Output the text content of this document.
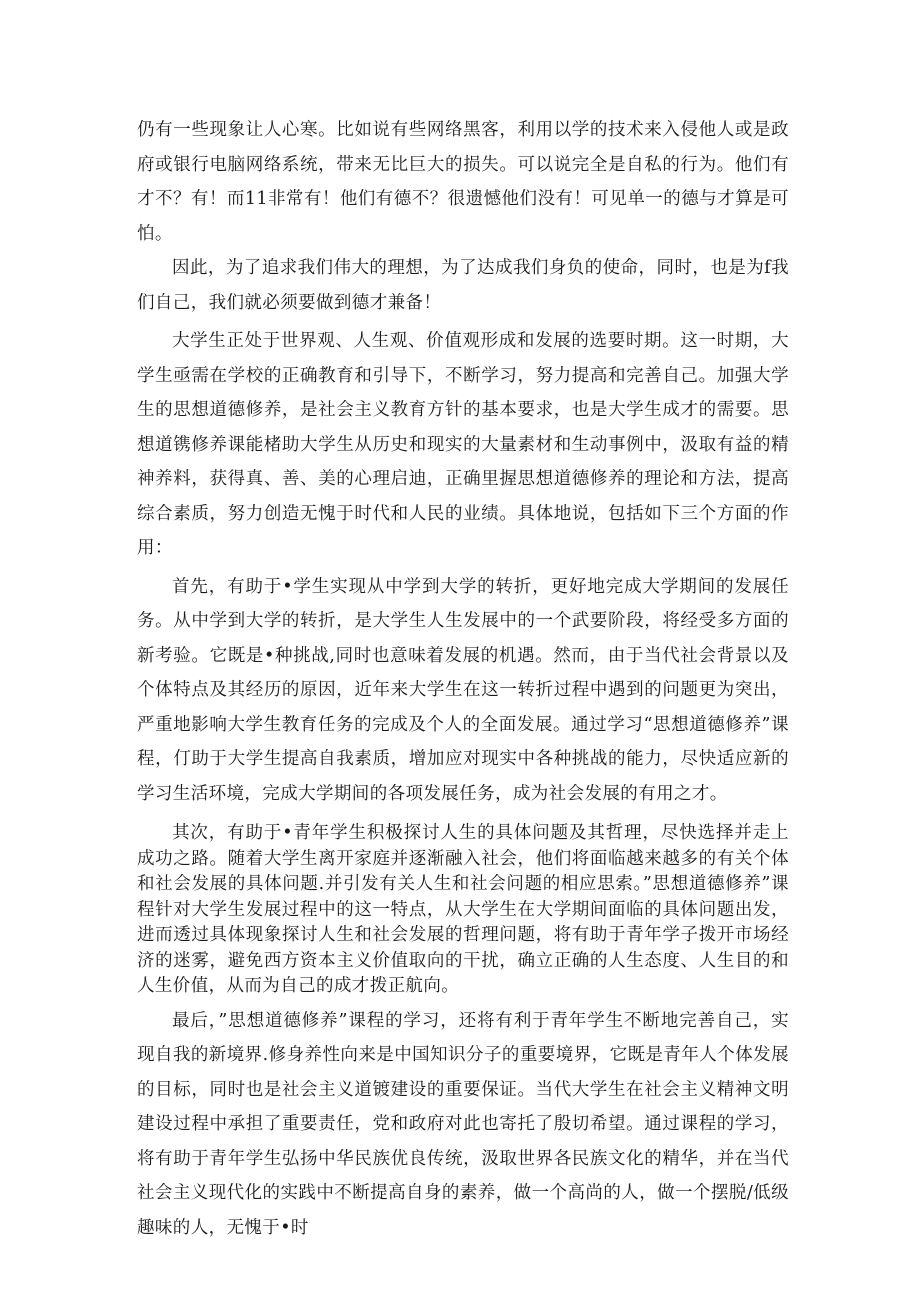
仍有一些现象让人心寒。比如说有些网络黑客，利用以学的技术来入侵他人或是政府或银行电脑网络系统，带来无比巨大的损失。可以说完全是自私的行为。他们有才不？有！而11非常有！他们有德不？很遗憾他们没有！可见单一的德与才算是可怕。

因此，为了追求我们伟大的理想，为了达成我们身负的使命，同时，也是为f我们自己，我们就必须要做到德才兼备！

大学生正处于世界观、人生观、价值观形成和发展的选要时期。这一时期，大学生亟需在学校的正确教育和引导下，不断学习，努力提高和完善自己。加强大学生的思想道德修养，是社会主义教育方针的基本要求，也是大学生成才的需要。思想道镌修养课能楮助大学生从历史和现实的大量素材和生动事例中，汲取有益的精神养料，获得真、善、美的心理启迪，正确里握思想道德修养的理论和方法，提高综合素质，努力创造无愧于时代和人民的业绩。具体地说，包括如下三个方面的作用：

首先，有助于•学生实现从中学到大学的转折，更好地完成大学期间的发展任务。从中学到大学的转折，是大学生人生发展中的一个武要阶段，将经受多方面的新考验。它既是•种挑战,同时也意味着发展的机遇。然而，由于当代社会背景以及个体特点及其经历的原因，近年来大学生在这一转折过程中遇到的问题更为突出，严重地影响大学生教育任务的完成及个人的全面发展。通过学习“思想道德修养”课程，仃助于大学生提高自我素质，增加应对现实中各种挑战的能力，尽快适应新的学习生活环境，完成大学期间的各项发展任务，成为社会发展的有用之才。

其次，有助于•青年学生积极探讨人生的具体问题及其哲理，尽快选择并走上成功之路。随着大学生离开家庭并逐渐融入社会，他们将面临越来越多的有关个体和社会发展的具体问题.并引发有关人生和社会问题的相应思索。”思想道德修养”课程针对大学生发展过程中的这一特点，从大学生在大学期间面临的具体问题出发，进而透过具体现象探讨人生和社会发展的哲理问题，将有助于青年学子拨开市场经济的迷雾，避免西方资本主义价值取向的干扰，确立正确的人生态度、人生目的和人生价值，从而为自己的成才拨正航向。

最后，”思想道德修养”课程的学习，还将有利于青年学生不断地完善自己，实现自我的新境界.修身养性向来是中国知识分子的重要境界，它既是青年人个体发展的目标，同时也是社会主义道镀建设的重要保证。当代大学生在社会主义精神文明建设过程中承担了重要责任，党和政府对此也寄托了殷切希望。通过课程的学习，将有助于青年学生弘扬中华民族优良传统，汲取世界各民族文化的精华，并在当代社会主义现代化的实践中不断提高自身的素养，做一个高尚的人，做一个摆脱/低级趣味的人，无愧于•时
